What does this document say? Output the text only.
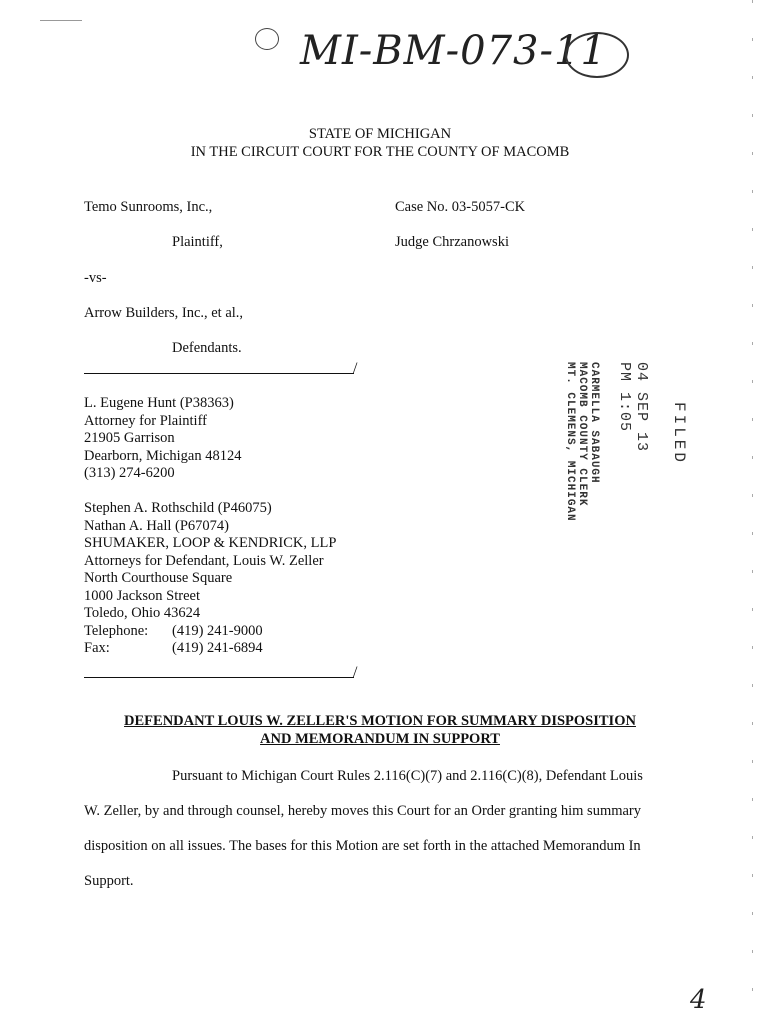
MI-BM-073-11
STATE OF MICHIGAN
IN THE CIRCUIT COURT FOR THE COUNTY OF MACOMB
Temo Sunrooms, Inc.,
Plaintiff,
-vs-
Arrow Builders, Inc., et al.,
Defendants.
/
Case No. 03-5057-CK
Judge Chrzanowski
CARMELLA SABAUGH
MACOMB COUNTY CLERK
MT. CLEMENS, MICHIGAN	04 SEP 13 PM 1:05
FILED
L. Eugene Hunt (P38363)
Attorney for Plaintiff
21905 Garrison
Dearborn, Michigan 48124
(313) 274-6200
Stephen A. Rothschild (P46075)
Nathan A. Hall (P67074)
SHUMAKER, LOOP & KENDRICK, LLP
Attorneys for Defendant, Louis W. Zeller
North Courthouse Square
1000 Jackson Street
Toledo, Ohio 43624
Telephone: (419) 241-9000
Fax:	(419) 241-6894
/
DEFENDANT LOUIS W. ZELLER'S MOTION FOR SUMMARY DISPOSITION
AND MEMORANDUM IN SUPPORT
Pursuant to Michigan Court Rules 2.116(C)(7) and 2.116(C)(8), Defendant Louis
W. Zeller, by and through counsel, hereby moves this Court for an Order granting him summary
disposition on all issues. The bases for this Motion are set forth in the attached Memorandum In
Support.
4
